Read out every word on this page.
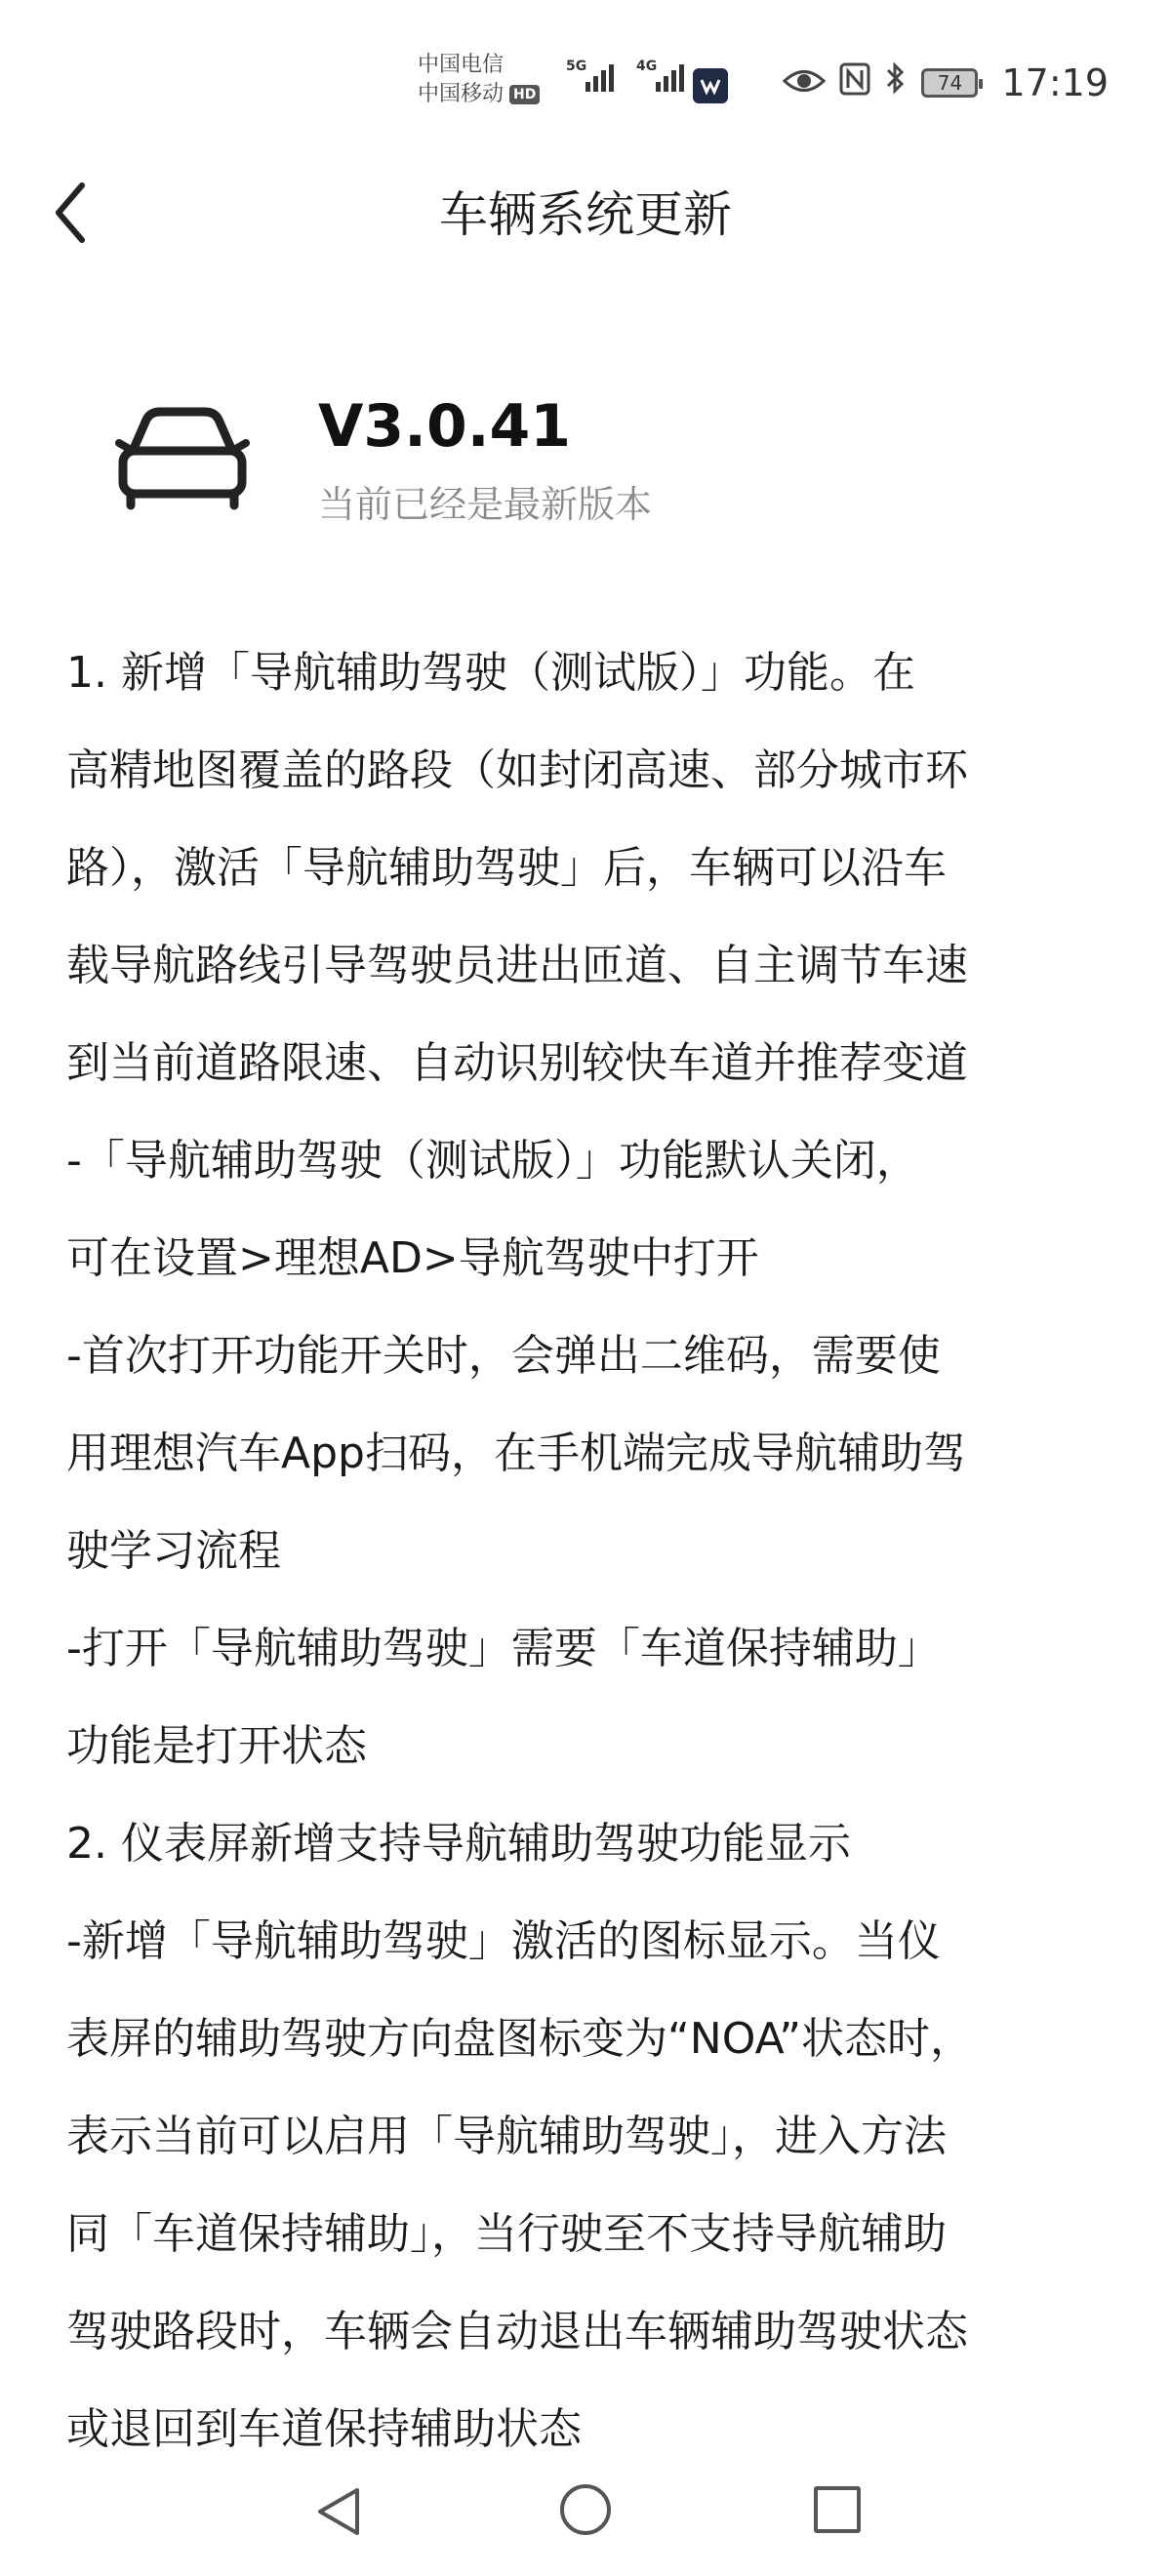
中国电信
中国移动 HD
5G	4G
74 17:19
车辆系统更新
V3.0.41
当前已经是最新版本

1. 新增「导航辅助驾驶（测试版）」功能。在

高精地图覆盖的路段（如封闭高速、部分城市环

路），激活「导航辅助驾驶」后，车辆可以沿车

载导航路线引导驾驶员进出匝道、自主调节车速

到当前道路限速、自动识别较快车道并推荐变道

-「导航辅助驾驶（测试版）」功能默认关闭，

可在设置>理想AD>导航驾驶中打开

-首次打开功能开关时，会弹出二维码，需要使

用理想汽车App扫码，在手机端完成导航辅助驾

驶学习流程

-打开「导航辅助驾驶」需要「车道保持辅助」

功能是打开状态

2. 仪表屏新增支持导航辅助驾驶功能显示

-新增「导航辅助驾驶」激活的图标显示。当仪

表屏的辅助驾驶方向盘图标变为“NOA”状态时，

表示当前可以启用「导航辅助驾驶」，进入方法

同「车道保持辅助」，当行驶至不支持导航辅助

驾驶路段时，车辆会自动退出车辆辅助驾驶状态

或退回到车道保持辅助状态
